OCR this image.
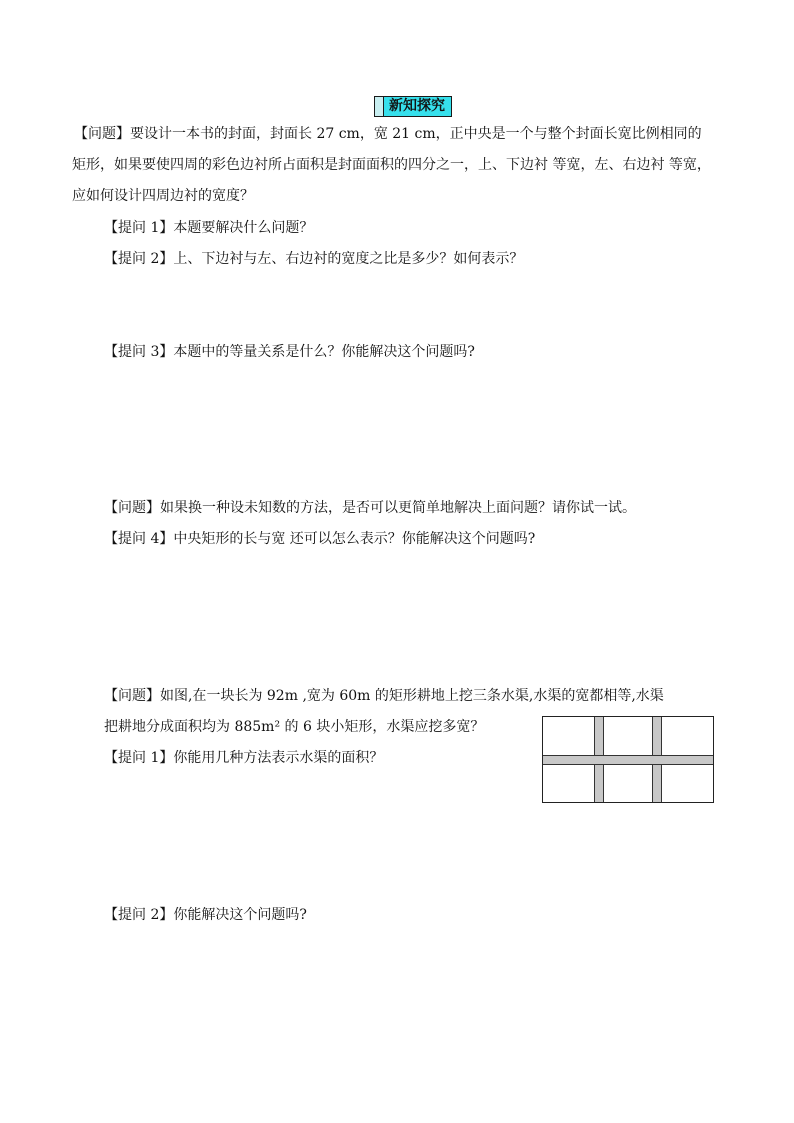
新知探究
【问题】要设计一本书的封面，封面长 27 cm，宽 21 cm，正中央是一个与整个封面长宽比例相同的
矩形，如果要使四周的彩色边衬所占面积是封面面积的四分之一，上、下边衬 等宽，左、右边衬 等宽，
应如何设计四周边衬的宽度？
【提问 1】本题要解决什么问题？
【提问 2】上、下边衬与左、右边衬的宽度之比是多少？如何表示？
【提问 3】本题中的等量关系是什么？你能解决这个问题吗?
【问题】如果换一种设未知数的方法，是否可以更简单地解决上面问题？请你试一试。
【提问 4】中央矩形的长与宽 还可以怎么表示？你能解决这个问题吗?
【问题】如图,在一块长为 92m ,宽为 60m 的矩形耕地上挖三条水渠,水渠的宽都相等,水渠
把耕地分成面积均为 885m² 的 6 块小矩形，水渠应挖多宽？
【提问 1】你能用几种方法表示水渠的面积？
【提问 2】你能解决这个问题吗?
